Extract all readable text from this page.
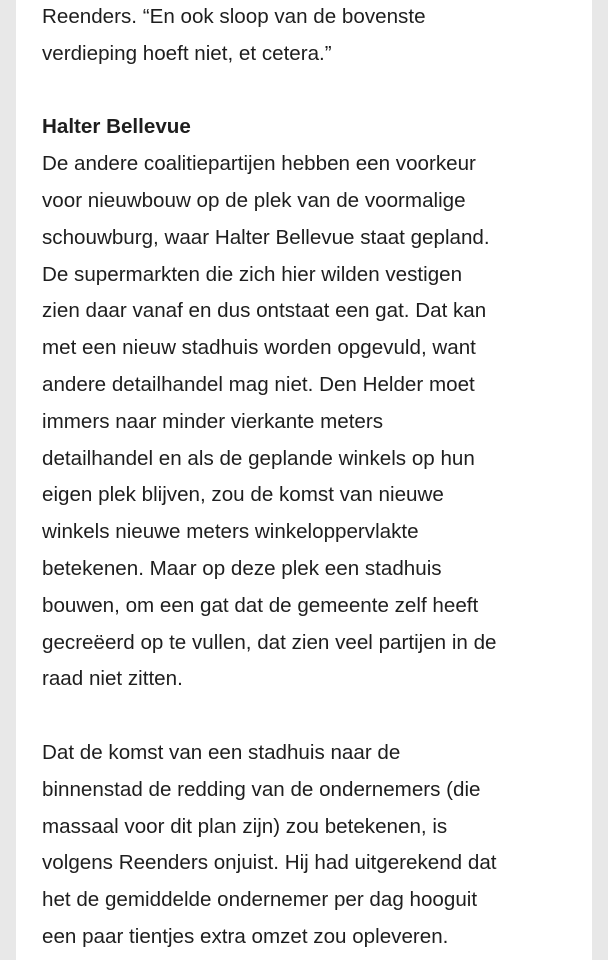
Reenders. “En ook sloop van de bovenste

verdieping hoeft niet, et cetera.”

Halter Bellevue

De andere coalitiepartijen hebben een voorkeur

voor nieuwbouw op de plek van de voormalige

schouwburg, waar Halter Bellevue staat gepland.

De supermarkten die zich hier wilden vestigen

zien daar vanaf en dus ontstaat een gat. Dat kan

met een nieuw stadhuis worden opgevuld, want

andere detailhandel mag niet. Den Helder moet

immers naar minder vierkante meters

detailhandel en als de geplande winkels op hun

eigen plek blijven, zou de komst van nieuwe

winkels nieuwe meters winkeloppervlakte

betekenen. Maar op deze plek een stadhuis

bouwen, om een gat dat de gemeente zelf heeft

gecreëerd op te vullen, dat zien veel partijen in de

raad niet zitten.

Dat de komst van een stadhuis naar de

binnenstad de redding van de ondernemers (die

massaal voor dit plan zijn) zou betekenen, is

volgens Reenders onjuist. Hij had uitgerekend dat

het de gemiddelde ondernemer per dag hooguit

een paar tientjes extra omzet zou opleveren.
